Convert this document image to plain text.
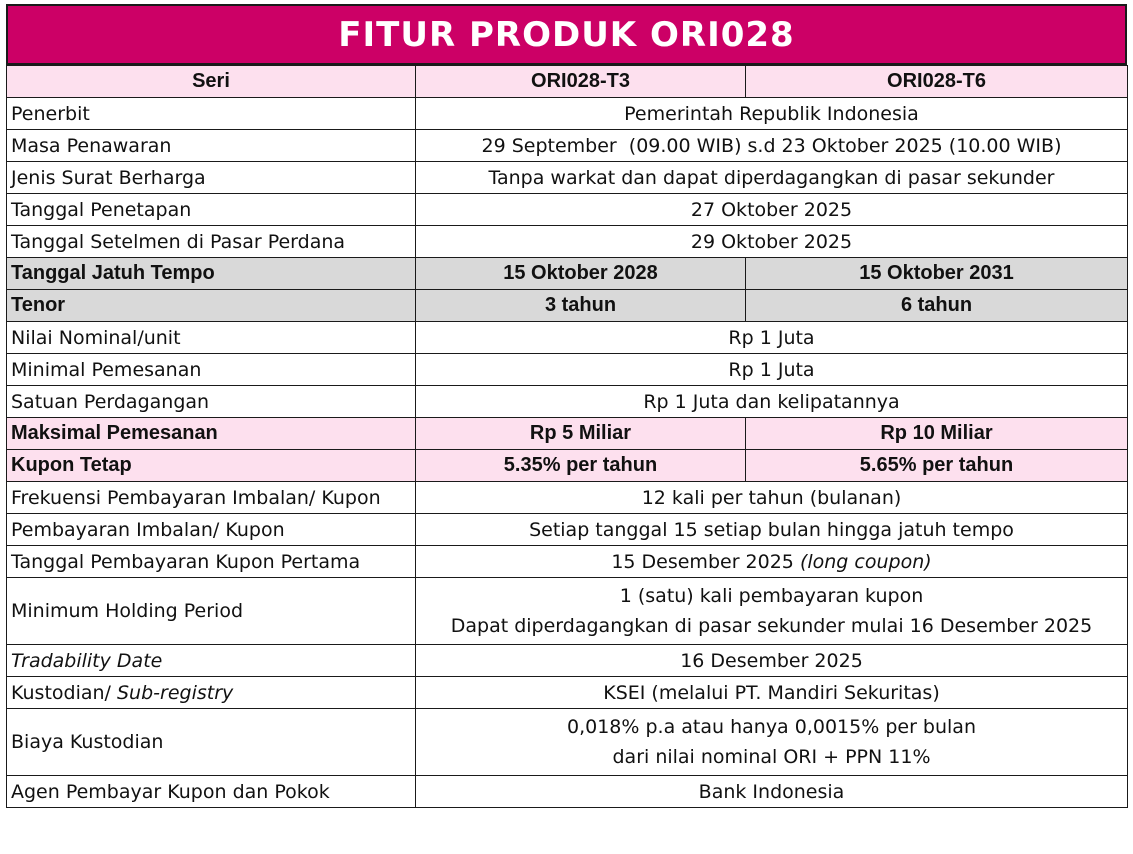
FITUR PRODUK ORI028
Seri	ORI028-T3	ORI028-T6
Penerbit	Pemerintah Republik Indonesia	
Masa Penawaran	29 September  (09.00 WIB) s.d 23 Oktober 2025 (10.00 WIB)	
Jenis Surat Berharga	Tanpa warkat dan dapat diperdagangkan di pasar sekunder	
Tanggal Penetapan	27 Oktober 2025	
Tanggal Setelmen di Pasar Perdana	29 Oktober 2025	
Tanggal Jatuh Tempo	15 Oktober 2028	15 Oktober 2031
Tenor	3 tahun	6 tahun
Nilai Nominal/unit	Rp 1 Juta	
Minimal Pemesanan	Rp 1 Juta	
Satuan Perdagangan	Rp 1 Juta dan kelipatannya	
Maksimal Pemesanan	Rp 5 Miliar	Rp 10 Miliar
Kupon Tetap	5.35% per tahun	5.65% per tahun
Frekuensi Pembayaran Imbalan/ Kupon	12 kali per tahun (bulanan)	
Pembayaran Imbalan/ Kupon	Setiap tanggal 15 setiap bulan hingga jatuh tempo	
Tanggal Pembayaran Kupon Pertama	15 Desember 2025 (long coupon)	
Minimum Holding Period	1 (satu) kali pembayaran kupon
Dapat diperdagangkan di pasar sekunder mulai 16 Desember 2025	

Tradability Date	16 Desember 2025	
Kustodian/ Sub-registry	KSEI (melalui PT. Mandiri Sekuritas)	
Biaya Kustodian	0,018% p.a atau hanya 0,0015% per bulan
dari nilai nominal ORI + PPN 11%	

Agen Pembayar Kupon dan Pokok	Bank Indonesia	
